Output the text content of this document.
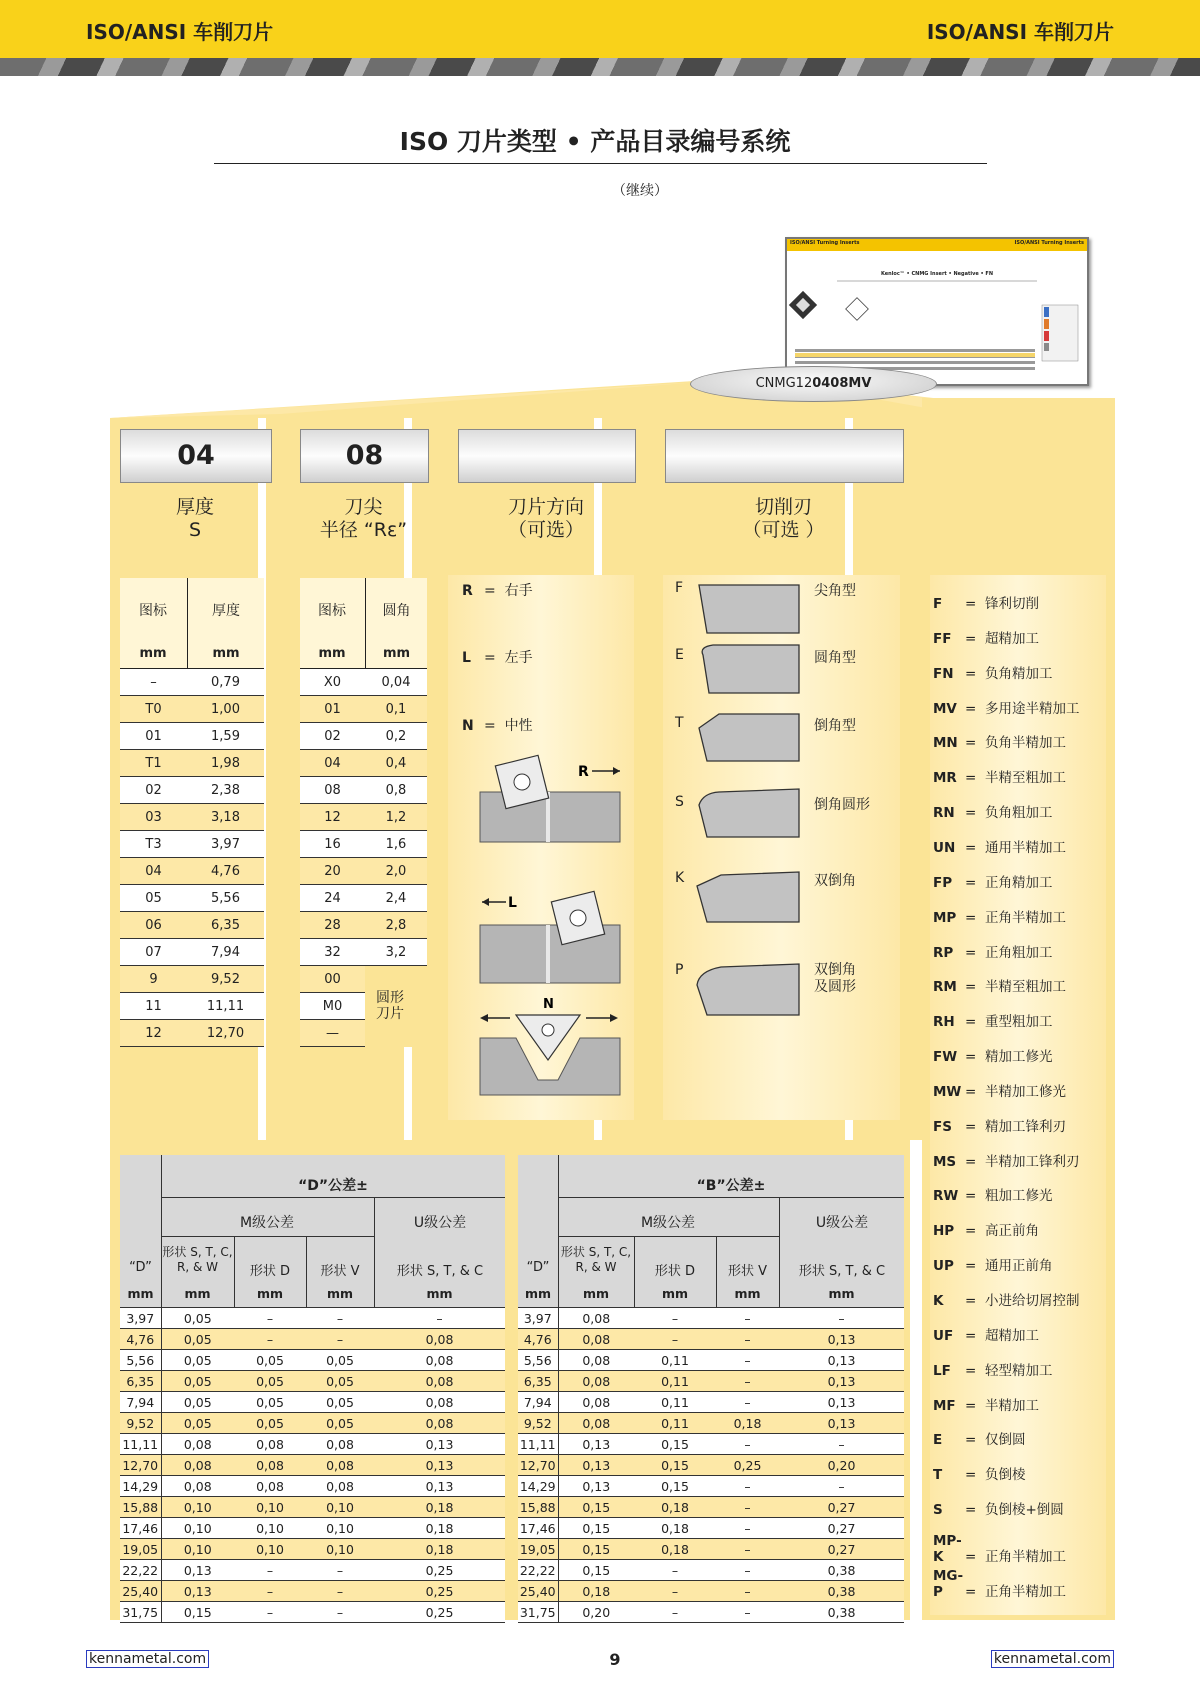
ISO/ANSI 车削刀片	ISO/ANSI 车削刀片
ISO 刀片类型 • 产品目录编号系统
（继续）
ISO/ANSI Turning Inserts	ISO/ANSI Turning Inserts
Kenloc™ • CNMG Insert • Negative • FN
CNMG120408MV
04	08
厚度
S
刀尖
半径 “Rε”
刀片方向
（可选）
切削刃
（可选 ）
图标	厚度
mm	mm
–	0,79
T0	1,00
01	1,59
T1	1,98
02	2,38
03	3,18
T3	3,97
04	4,76
05	5,56
06	6,35
07	7,94
9	9,52
11	11,11
12	12,70
图标	圆角
mm	mm
X0	0,04
01	0,1
02	0,2
04	0,4
08	0,8
12	1,2
16	1,6
20	2,0
24	2,4
28	2,8
32	3,2
00	
M0	
—	
圆形
刀片
R = 右手
L = 左手
N = 中性
R
L
N
F	尖角型
E	圆角型
T	倒角型
S	倒角圆形
K	双倒角
P	双倒角
及圆形
F = 锋利切削
FF = 超精加工
FN = 负角精加工
MV = 多用途半精加工
MN = 负角半精加工
MR = 半精至粗加工
RN = 负角粗加工
UN = 通用半精加工
FP = 正角精加工
MP = 正角半精加工
RP = 正角粗加工
RM = 半精至粗加工
RH = 重型粗加工
FW = 精加工修光
MW = 半精加工修光
FS = 精加工锋利刃
MS = 半精加工锋利刃
RW = 粗加工修光
HP = 高正前角
UP = 通用正前角
K = 小进给切屑控制
UF = 超精加工
LF = 轻型精加工
MF = 半精加工
E = 仅倒圆
T = 负倒棱
S = 负倒棱+倒圆
MP-K = 正角半精加工
MG-P = 正角半精加工
“D”公差±
M级公差	U级公差
“D”
形状 S, T, C,
R, & W	形状 D	形状 V	形状 S, T, & C
mm	mm	mm	mm	mm
3,97	0,05	–	–	–
4,76	0,05	–	–	0,08
5,56	0,05	0,05	0,05	0,08
6,35	0,05	0,05	0,05	0,08
7,94	0,05	0,05	0,05	0,08
9,52	0,05	0,05	0,05	0,08
11,11	0,08	0,08	0,08	0,13
12,70	0,08	0,08	0,08	0,13
14,29	0,08	0,08	0,08	0,13
15,88	0,10	0,10	0,10	0,18
17,46	0,10	0,10	0,10	0,18
19,05	0,10	0,10	0,10	0,18
22,22	0,13	–	–	0,25
25,40	0,13	–	–	0,25
31,75	0,15	–	–	0,25
“B”公差±
M级公差	U级公差
“D”
形状 S, T, C,
R, & W	形状 D	形状 V	形状 S, T, & C
mm	mm	mm	mm	mm
3,97	0,08	–	–	–
4,76	0,08	–	–	0,13
5,56	0,08	0,11	–	0,13
6,35	0,08	0,11	–	0,13
7,94	0,08	0,11	–	0,13
9,52	0,08	0,11	0,18	0,13
11,11	0,13	0,15	–	–
12,70	0,13	0,15	0,25	0,20
14,29	0,13	0,15	–	–
15,88	0,15	0,18	–	0,27
17,46	0,15	0,18	–	0,27
19,05	0,15	0,18	–	0,27
22,22	0,15	–	–	0,38
25,40	0,18	–	–	0,38
31,75	0,20	–	–	0,38
kennametal.com	9	kennametal.com
